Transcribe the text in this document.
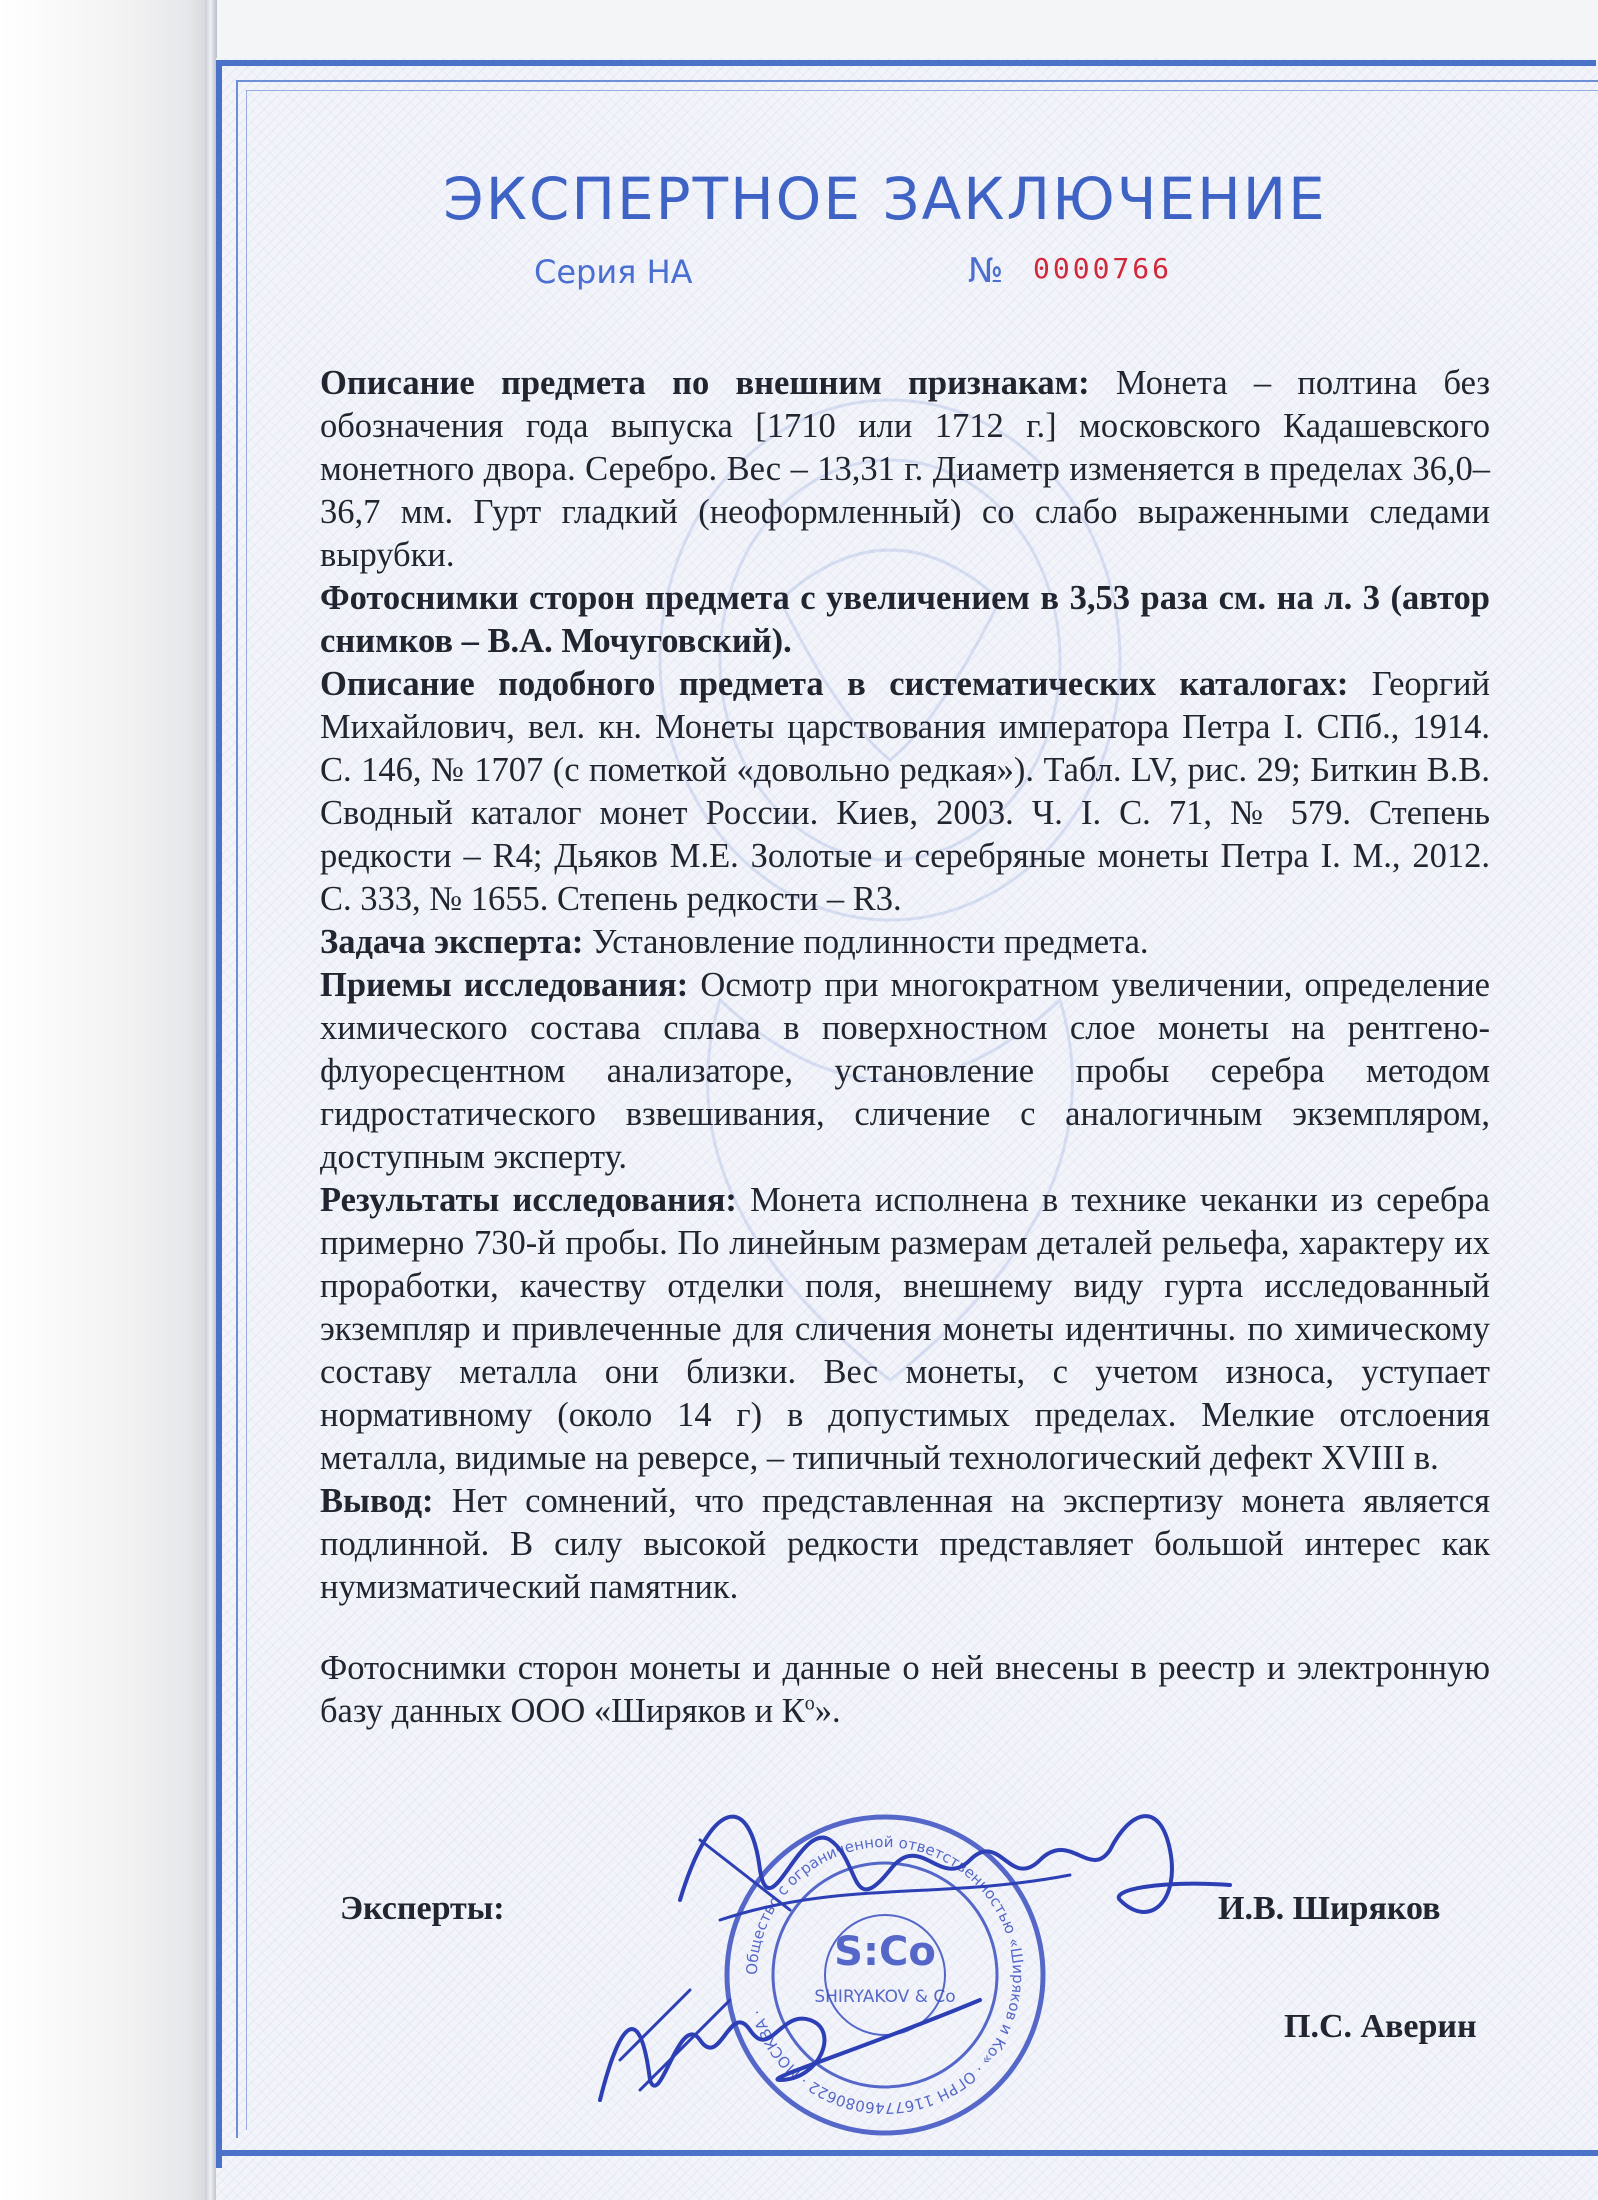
ЭКСПЕРТНОЕ ЗАКЛЮЧЕНИЕ
Серия НА	№ 0000766

Описание предмета по внешним признакам: Монета – полтина без обозначения года выпуска [1710 или 1712 г.] московского Кадашевского монетного двора. Серебро. Вес – 13,31 г. Диаметр изменяется в пределах 36,0–36,7 мм. Гурт гладкий (неоформленный) со слабо выраженными следами вырубки.

Фотоснимки сторон предмета с увеличением в 3,53 раза см. на л. 3 (автор снимков – В.А. Мочуговский).

Описание подобного предмета в систематических каталогах: Георгий Михайлович, вел. кн. Монеты царствования императора Петра I. СПб., 1914. С. 146, № 1707 (с пометкой «довольно редкая»). Табл. LV, рис. 29; Биткин В.В. Сводный каталог монет России. Киев, 2003. Ч. I. С. 71, № 579. Степень редкости – R4; Дьяков М.Е. Золотые и серебряные монеты Петра I. М., 2012. С. 333, № 1655. Степень редкости – R3.

Задача эксперта: Установление подлинности предмета.

Приемы исследования: Осмотр при многократном увеличении, определение химического состава сплава в поверхностном слое монеты на рентгено-флуоресцентном анализаторе, установление пробы серебра методом гидростатического взвешивания, сличение с аналогичным экземпляром, доступным эксперту.

Результаты исследования: Монета исполнена в технике чеканки из серебра примерно 730-й пробы. По линейным размерам деталей рельефа, характеру их проработки, качеству отделки поля, внешнему виду гурта исследованный экземпляр и привлеченные для сличения монеты идентичны. по химическому составу металла они близки. Вес монеты, с учетом износа, уступает нормативному (около 14 г) в допустимых пределах. Мелкие отслоения металла, видимые на реверсе, – типичный технологический дефект XVIII в.

Вывод: Нет сомнений, что представленная на экспертизу монета является подлинной. В силу высокой редкости представляет большой интерес как нумизматический памятник.

Фотоснимки сторон монеты и данные о ней внесены в реестр и электронную базу данных ООО «Ширяков и $К^о$».

Эксперты:	И.В. Ширяков
П.С. Аверин
Общество с ограниченной ответственностью «Ширяков и Ко» · ОГРН 1167746080622 · МОСКВА ·
S:Co
SHIRYAKOV & Co
